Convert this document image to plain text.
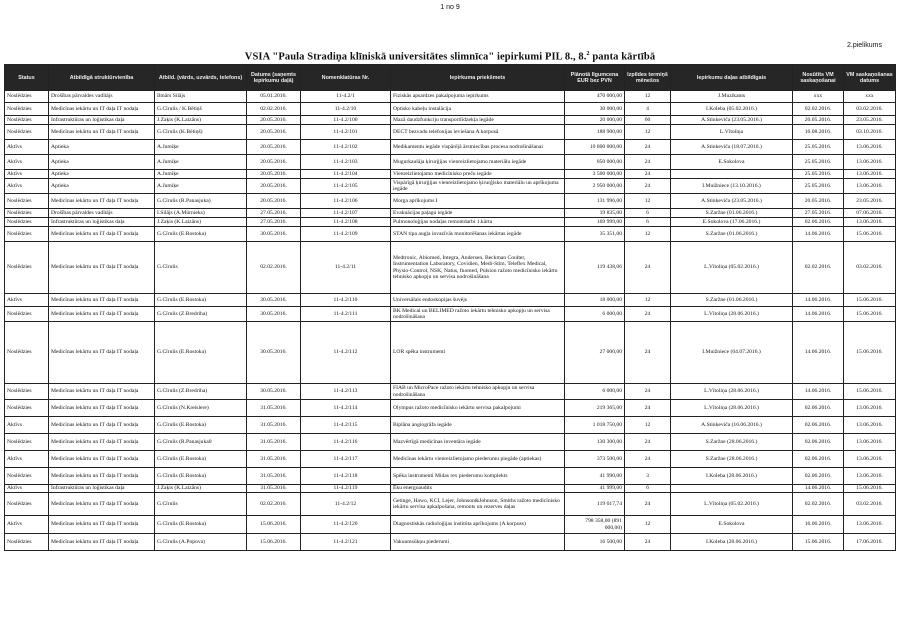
1 no 9
2.pielikums
VSIA "Paula Stradiņa klīniskā universitātes slimnīca" iepirkumi PIL 8., 8.$^2$ panta kārtībā
Status	Atbildīgā struktūrvienība	Atbild. (vārds, uzvārds, telefons)	Datums (saņemts Iepirkumu daļā)	Nomenklatūras Nr.	Iepirkuma priekšmets	Plānotā līgumcena EUR bez PVN	Izpildes termiņš mēnešos	Iepirkumu daļas atbildīgais	Nosūtīts VM saskaņošanai	VM saskaņošanas datums
Noslēdzies	Drošības pārvaldes vadītājs	Ilmārs Silājs	05.01.2016.	11-4.2/1	Fiziskās apsardzes pakalpojuma iepirkums	470 000,00	12	J.Muzikants	xxx	xxx
Noslēdzies	Medicīnas iekārtu un IT daļa IT nodaļa	G.Cīrulis / K.Bētiņš	02.02.2016.	11-4.2/10	Optisko kabeļu instalācija	30 000,00	4	I.Koleba (05.02.2016.)	02.02.2016.	03.02.2016.
Noslēdzies	Infrastruktūras un loģistikas daļa	J.Zaķis (K.Laizāns)	20.05.2016.	11-4.2/100	Mazā daudzfunkciju transportlīdzekļa iegāde	20 000,00	60	A.Stinkeviča (23.05.2016.)	20.05.2016.	23.05.2016.
Noslēdzies	Medicīnas iekārtu un IT daļa IT nodaļa	G.Cīrulis (K.Bētiņš)	20.05.2016.	11-4.2/101	DECT bezvadu telefonijas ieviešana A korpusā	188 900,00	12	L.Vītoliņa	16.08.2016.	03.10.2016.
Aktīvs	Aptieka	A.Jumiķe	20.05.2016.	11-4.2/102	Medikamentu iegāde vispārējā ārstniecības procesa nodrošināšanai	10 800 000,00	24	A.Stinkeviča (18.07.2016.)	25.05.2016.	13.06.2016.
Aktīvs	Aptieka	A.Jumiķe	20.05.2016.	11-4.2/103	Mugurkaulāja ķirurģijas vienreizlietojamo materiālu iegāde	850 000,00	24	E.Sokolova	25.05.2016.	13.06.2016.
Aktīvs	Aptieka	A.Jumiķe	20.05.2016.	11-4.2/104	Vienreizlietojamo medicīnisko preču iegāde	3 500 000,00	24		25.05.2016.	13.06.2016.
Aktīvs	Aptieka	A.Jumiķe	20.05.2016.	11-4.2/105	Vispārīgā ķirurģijas vienreizlietojamo ķirurģisko materiālu un aprīkojuma iegāde	2 950 000,00	24	I.Muižniece (13.10.2016.)	25.05.2016.	13.06.2016.
Noslēdzies	Medicīnas iekārtu un IT daļa IT nodaļa	G.Cīrulis (R.Panasjuka)	20.05.2016.	11-4.2/106	Morga aprīkojums I	131 996,00	12	A.Stinkeviča (23.05.2016.)	20.05.2016.	23.05.2016.
Noslēdzies	Drošības pārvaldes vadītājs	I.Silājs (A.Mūrnieks)	27.05.2016.	11-4.2/107	Evakuācijas paļagu iegāde	19 835,00	6	S.Zaržne (01.06.2016.)	27.05.2016.	07.06.2016.
Noslēdzies	Infrastruktūras un loģistikas daļa	J.Zaķis (K.Laizāns)	27.05.2016.	11-4.2/108	Pulmonoloģijas nodaļas remontdarbi 1.kārta	169 999,00	6	E.Sokolova (17.06.2016.)	02.06.2016.	13.06.2016.
Noslēdzies	Medicīnas iekārtu un IT daļa IT nodaļa	G.Cīrulis (E.Rostoka)	30.05.2016.	11-4.2/109	STAN tipa augļa invazīvās monitorēšanas iekārtas iegāde	35 351,00	12	S.Zaržne (01.06.2016.)	14.06.2016.	15.06.2016.
Noslēdzies	Medicīnas iekārtu un IT daļa IT nodaļa	G.Cīrulis	02.02.2016.	11-4.2/11	Medtronic, Abiomed, Integra, Andersen, Beckman Coulter, Instrumentation Laboratory, Covidien, Medi-Stim, Teleflex Medical, Physio-Control, NSK, Natus, fnomed, Pulsion ražoto medicīnisko iekārtu tehnisko apkopju un servisa nodrošināšana	119 438,06	24	L.Vītoliņa (05.02.2016.)	02.02.2016.	03.02.2016.
Aktīvs	Medicīnas iekārtu un IT daļa IT nodaļa	G.Cīrulis (E.Rostoka)	30.05.2016.	11-4.2/110	Universālais endoskopijas šuvējs	18 000,00	12	S.Zaržne (01.06.2016.)	14.06.2016.	15.06.2016.
Noslēdzies	Medicīnas iekārtu un IT daļa IT nodaļa	G.Cīrulis (Z.Bredriha)	30.05.2016.	11-4.2/111	BK Medical un BELIMED ražoto iekārtu tehnisko apkopju un servisa nodrošināšana	6 000,00	24	L.Vītoliņa (28.06.2016.)	14.06.2016.	15.06.2016.
Noslēdzies	Medicīnas iekārtu un IT daļa IT nodaļa	G.Cīrulis (E.Rostoka)	30.05.2016.	11-4.2/112	LOR spēka instrumenti	27 000,00	24	I.Muižniece (04.07.2016.)	14.06.2016.	15.06.2016.
Noslēdzies	Medicīnas iekārtu un IT daļa IT nodaļa	G.Cīrulis (Z.Bredriha)	30.05.2016.	11-4.2/113	FIAB un MicroPace ražoto iekārtu tehnisko apkopju un servisa nodrošināšana	6 000,00	24	L.Vītoliņa (28.06.2016.)	14.06.2016.	15.06.2016.
Noslēdzies	Medicīnas iekārtu un IT daļa IT nodaļa	G.Cīrulis (N.Kreislere)	31.05.2016.	11-4.2/114	Olympus ražoto medicīnisko iekārtu servisa pakalpojumi	219 365,00	24	L.Vītoliņa (28.06.2016.)	02.06.2016.	13.06.2016.
Aktīvs	Medicīnas iekārtu un IT daļa IT nodaļa	G.Cīrulis (E.Rostoka)	31.05.2016.	11-4.2/115	Biplāna angiogrāfa iegāde	1 018 750,00	12	A.Stinkeviča (16.06.2016.)	02.06.2016.	13.06.2016.
Noslēdzies	Medicīnas iekārtu un IT daļa IT nodaļa	G.Cīrulis (R.Panasjuka0	31.05.2016.	11-4.2/116	Mazvērtīgā medicīnas inventāra iegāde	130 300,00	24	S.Zaržne (28.06.2016.)	02.06.2016.	13.06.2016.
Aktīvs	Medicīnas iekārtu un IT daļa IT nodaļa	G.Cīrulis (E.Rostoka)	31.05.2016.	11-4.2/117	Medicīnas iekārtu vienreizlietojamo piederumu piegāde (aptiekas)	373 500,00	24	S.Zaržne (28.06.2016.)	02.06.2016.	13.06.2016.
Noslēdzies	Medicīnas iekārtu un IT daļa IT nodaļa	G.Cīrulis (E.Rostoka)	31.05.2016.	11-4.2/118	Spēka instrumenti Midas rex piederumu komplekts	41 990,00	3	I.Koleba (28.06.2016.)	02.06.2016.	13.06.2016.
Aktīvs	Infrastruktūras un loģistikas daļa	J.Zaķis (K.Laizāns)	31.05.2016.	11-4.2/119	Ēku energoaudits	41 999,00	6		14.06.2016.	15.06.2016.
Noslēdzies	Medicīnas iekārtu un IT daļa IT nodaļa	G.Cīrulis	02.02.2016.	11-4.2/12	Getinge, Hawo, KCI, Lejer, Johnson&Johnson, Smiths ražoto medicīnisko iekārtu servisa apkalpošana, remonts un rezerves daļas	119 017,74	24	L.Vītoliņa (05.02.2016.)	02.02.2016.	03.02.2016.
Aktīvs	Medicīnas iekārtu un IT daļa IT nodaļa	G.Cīrulis (E.Rostoka)	15.06.2016.	11-4.2/120	Diagnostiskās radioloģijas institūta aprīkojums (A korpuss)	798 358,00 (891 000,00)	12	E.Sokolova	16.06.2016.	13.06.2016.
Noslēdzies	Medicīnas iekārtu un IT daļa IT nodaļa	G.Cīrulis (A.Popova)	15.06.2016.	11-4.2/121	Vakuumsūkņu piederumi	16 500,00	24	I.Koleba (28.06.2016.)	15.06.2016.	17.06.2016.
